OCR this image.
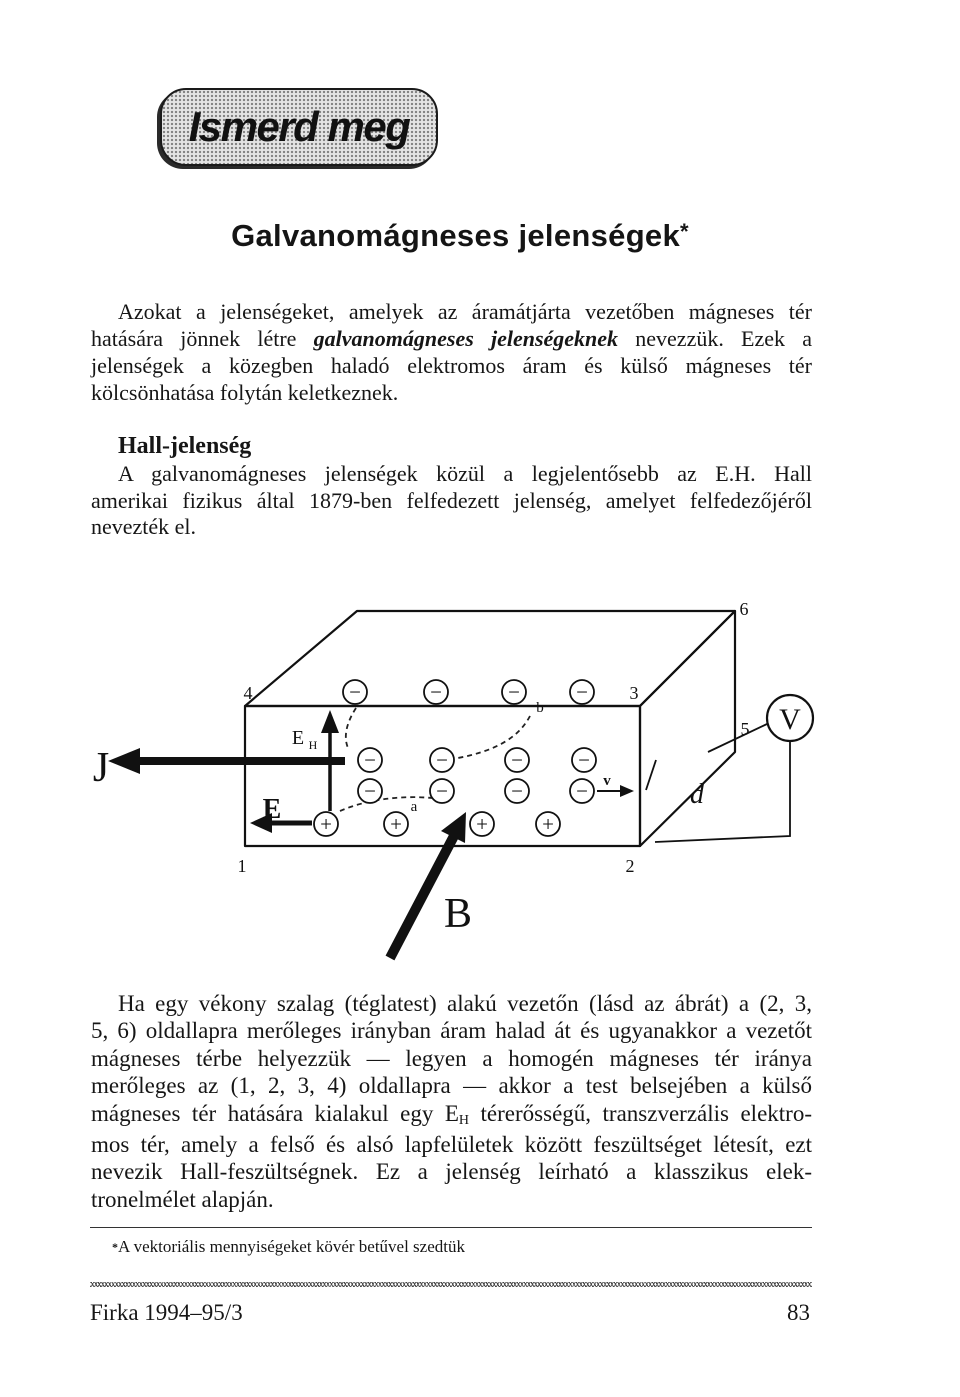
Ismerd meg
Galvanomágneses jelenségek*
Azokat a jelenségeket, amelyek az áramátjárta vezetőben mágneses tér
hatására jönnek létre galvanomágneses jelenségeknek nevezzük. Ezek a
jelenségek a közegben haladó elektromos áram és külső mágneses tér
kölcsönhatása folytán keletkeznek.
Hall-jelenség
A galvanomágneses jelenségek közül a legjelentősebb az E.H. Hall
amerikai fizikus által 1879-ben felfedezett jelenség, amelyet felfedezőjéről
nevezték el.
−	−	−	−
−	−	−	−
−	−	−	−
+	+	+	+
1	2
3
4
5
6
V
d
J
E
E H
B
v
a
b
Ha egy vékony szalag (téglatest) alakú vezetőn (lásd az ábrát) a (2, 3,
5, 6) oldallapra merőleges irányban áram halad át és ugyanakkor a vezetőt
mágneses térbe helyezzük — legyen a homogén mágneses tér iránya
merőleges az (1, 2, 3, 4) oldallapra — akkor a test belsejében a külső
mágneses tér hatására kialakul egy $E_H$ térerősségű, transzverzális elektro-
mos tér, amely a felső és alsó lapfelületek között feszültséget létesít, ezt
nevezik Hall-feszültségnek. Ez a jelenség leírható a klasszikus elek-
tronelmélet alapján.
*A vektoriális mennyiségeket kövér betűvel szedtük
Firka 1994–95/3	83
